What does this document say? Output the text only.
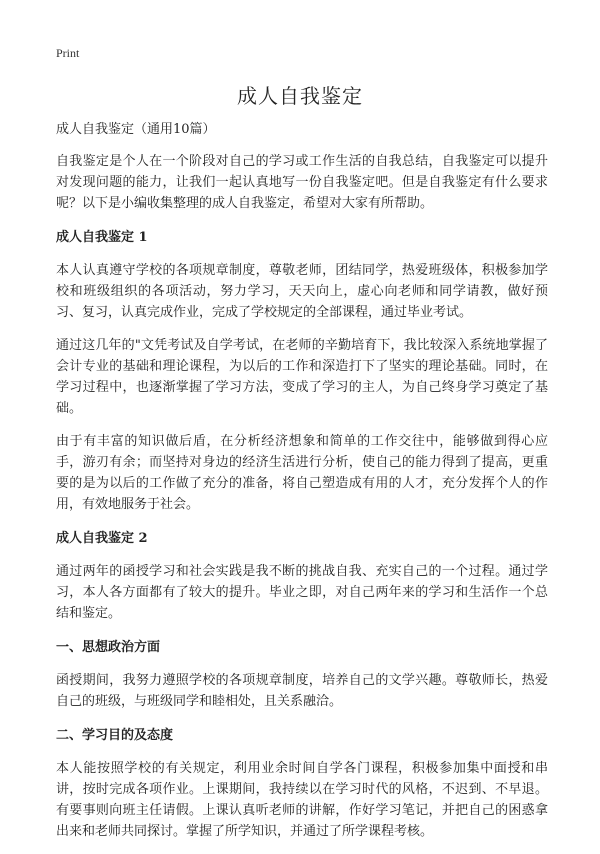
Print
成人自我鉴定
成人自我鉴定（通用10篇）

自我鉴定是个人在一个阶段对自己的学习或工作生活的自我总结，自我鉴定可以提升对发现问题的能力，让我们一起认真地写一份自我鉴定吧。但是自我鉴定有什么要求呢？以下是小编收集整理的成人自我鉴定，希望对大家有所帮助。

成人自我鉴定 1

本人认真遵守学校的各项规章制度，尊敬老师，团结同学，热爱班级体，积极参加学校和班级组织的各项活动，努力学习，天天向上，虚心向老师和同学请教，做好预习、复习，认真完成作业，完成了学校规定的全部课程，通过毕业考试。

通过这几年的"文凭考试及自学考试，在老师的辛勤培育下，我比较深入系统地掌握了会计专业的基础和理论课程，为以后的工作和深造打下了坚实的理论基础。同时，在学习过程中，也逐渐掌握了学习方法，变成了学习的主人，为自己终身学习奠定了基础。

由于有丰富的知识做后盾，在分析经济想象和简单的工作交往中，能够做到得心应手，游刃有余；而坚持对身边的经济生活进行分析，使自己的能力得到了提高，更重要的是为以后的工作做了充分的准备，将自己塑造成有用的人才，充分发挥个人的作用，有效地服务于社会。

成人自我鉴定 2

通过两年的函授学习和社会实践是我不断的挑战自我、充实自己的一个过程。通过学习，本人各方面都有了较大的提升。毕业之即，对自己两年来的学习和生活作一个总结和鉴定。

一、思想政治方面

函授期间，我努力遵照学校的各项规章制度，培养自己的文学兴趣。尊敬师长，热爱自己的班级，与班级同学和睦相处，且关系融洽。

二、学习目的及态度

本人能按照学校的有关规定，利用业余时间自学各门课程，积极参加集中面授和串讲，按时完成各项作业。上课期间，我持续以在学习时代的风格，不迟到、不早退。有要事则向班主任请假。上课认真听老师的讲解，作好学习笔记，并把自己的困惑拿出来和老师共同探讨。掌握了所学知识，并通过了所学课程考核。
